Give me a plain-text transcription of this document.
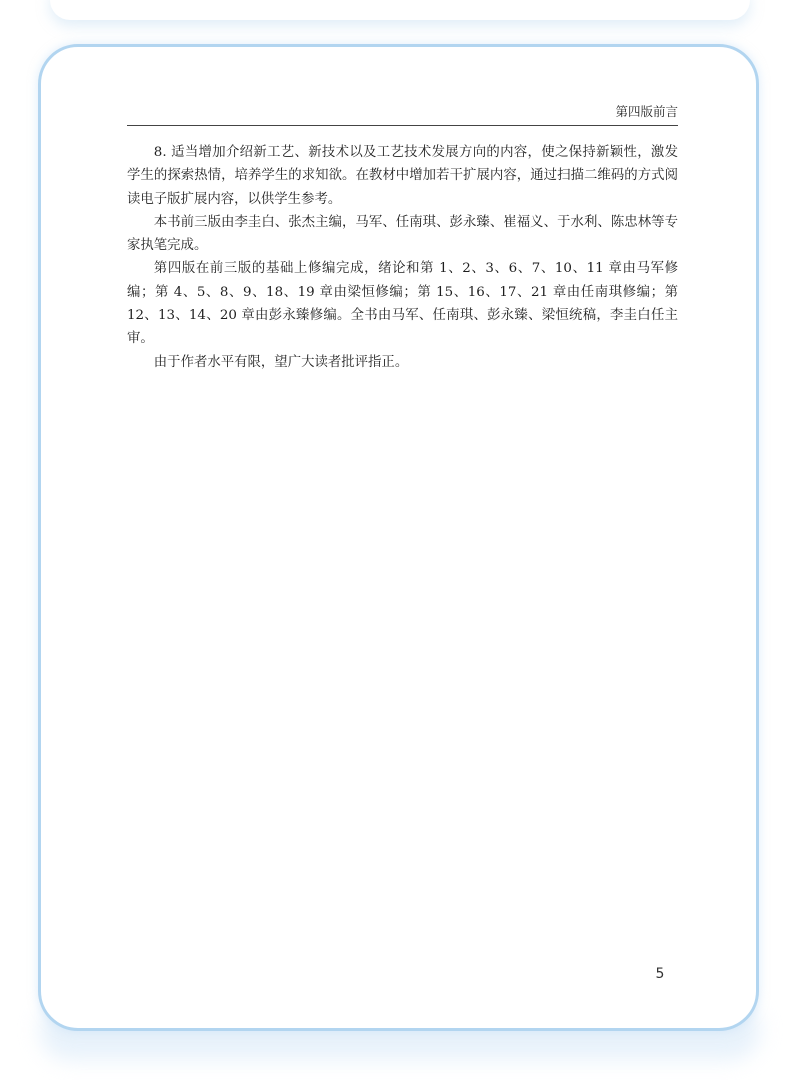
第四版前言

8. 适当增加介绍新工艺、新技术以及工艺技术发展方向的内容，使之保持新颖性，激发学生的探索热情，培养学生的求知欲。在教材中增加若干扩展内容，通过扫描二维码的方式阅读电子版扩展内容，以供学生参考。

本书前三版由李圭白、张杰主编，马军、任南琪、彭永臻、崔福义、于水利、陈忠林等专家执笔完成。

第四版在前三版的基础上修编完成，绪论和第 1、2、3、6、7、10、11 章由马军修编；第 4、5、8、9、18、19 章由梁恒修编；第 15、16、17、21 章由任南琪修编；第 12、13、14、20 章由彭永臻修编。全书由马军、任南琪、彭永臻、梁恒统稿，李圭白任主审。

由于作者水平有限，望广大读者批评指正。

5
